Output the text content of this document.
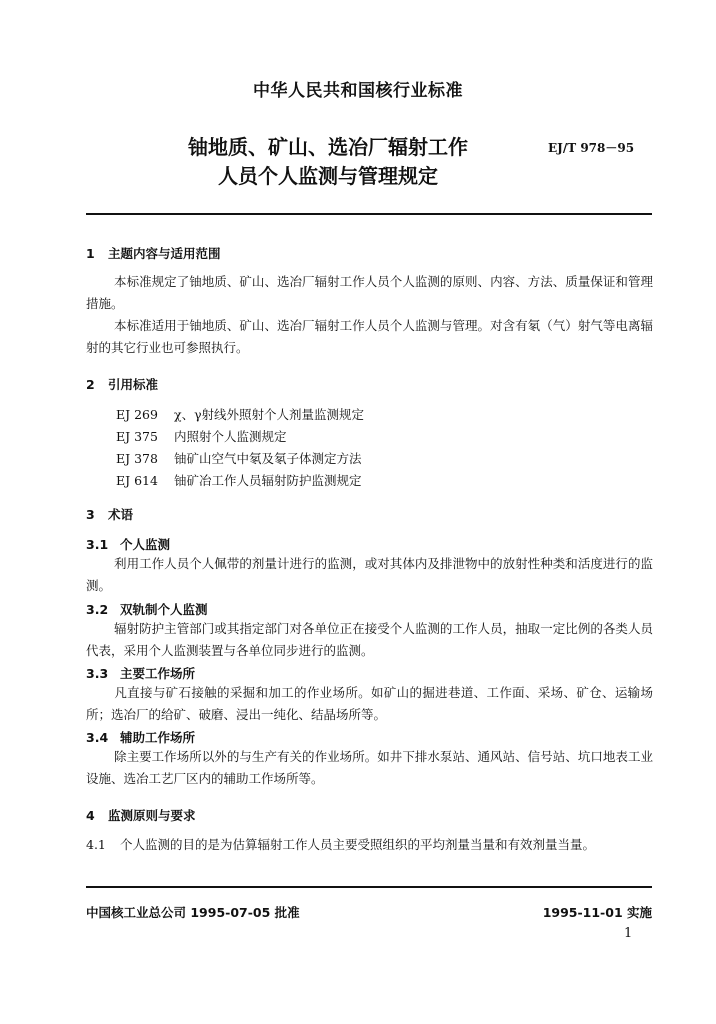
中华人民共和国核行业标准
铀地质、矿山、选冶厂辐射工作
人员个人监测与管理规定
EJ/T 978－95
1 主题内容与适用范围
本标准规定了铀地质、矿山、选冶厂辐射工作人员个人监测的原则、内容、方法、质量保证和管理措施。
本标准适用于铀地质、矿山、选冶厂辐射工作人员个人监测与管理。对含有氡（气）射气等电离辐射的其它行业也可参照执行。
2 引用标准
EJ 269 χ、γ射线外照射个人剂量监测规定
EJ 375 内照射个人监测规定
EJ 378 铀矿山空气中氡及氡子体测定方法
EJ 614 铀矿冶工作人员辐射防护监测规定
3 术语
3.1 个人监测
利用工作人员个人佩带的剂量计进行的监测，或对其体内及排泄物中的放射性种类和活度进行的监测。
3.2 双轨制个人监测
辐射防护主管部门或其指定部门对各单位正在接受个人监测的工作人员，抽取一定比例的各类人员代表，采用个人监测装置与各单位同步进行的监测。
3.3 主要工作场所
凡直接与矿石接触的采掘和加工的作业场所。如矿山的掘进巷道、工作面、采场、矿仓、运输场所；选冶厂的给矿、破磨、浸出一纯化、结晶场所等。
3.4 辅助工作场所
除主要工作场所以外的与生产有关的作业场所。如井下排水泵站、通风站、信号站、坑口地表工业设施、选冶工艺厂区内的辅助工作场所等。
4 监测原则与要求
4.1 个人监测的目的是为估算辐射工作人员主要受照组织的平均剂量当量和有效剂量当量。
中国核工业总公司 1995-07-05 批准	1995-11-01 实施
1
